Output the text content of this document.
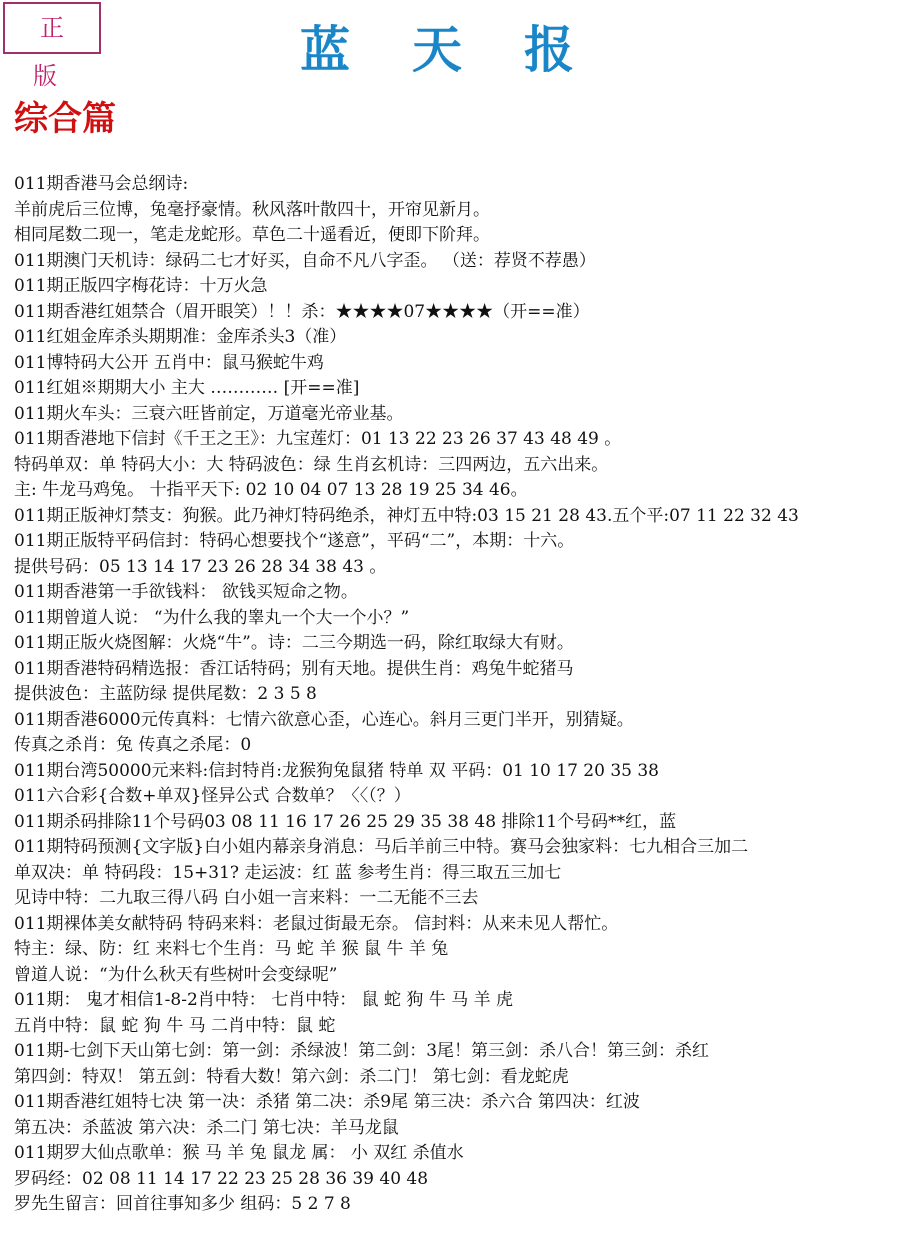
正 版	蓝天报
综合篇
011期香港马会总纲诗:
羊前虎后三位博，兔毫抒豪情。秋风落叶散四十，开帘见新月。
相同尾数二现一，笔走龙蛇形。草色二十遥看近，便即下阶拜。
011期澳门天机诗：绿码二七才好买，自命不凡八字歪。 （送：荐贤不荐愚）
011期正版四字梅花诗：十万火急
011期香港红姐禁合（眉开眼笑）！！杀：★★★★07★★★★（开==准）
011红姐金库杀头期期准：金库杀头3（准）
011博特码大公开 五肖中：鼠马猴蛇牛鸡
011红姐※期期大小 主大 ………… [开==准]
011期火车头：三衰六旺皆前定，万道毫光帝业基。
011期香港地下信封《千王之王》：九宝莲灯：01 13 22 23 26 37 43 48 49 。
特码单双：单 特码大小：大 特码波色：绿 生肖玄机诗：三四两边，五六出来。
主: 牛龙马鸡兔。 十指平天下: 02 10 04 07 13 28 19 25 34 46。
011期正版神灯禁支：狗猴。此乃神灯特码绝杀，神灯五中特:03 15 21 28 43.五个平:07 11 22 32 43
011期正版特平码信封：特码心想要找个“遂意”，平码“二”，本期：十六。
提供号码：05 13 14 17 23 26 28 34 38 43 。
011期香港第一手欲钱料： 欲钱买短命之物。
011期曾道人说： “为什么我的睾丸一个大一个小？”
011期正版火烧图解：火烧“牛”。诗：二三今期选一码，除红取绿大有财。
011期香港特码精选报：香江话特码；别有天地。提供生肖：鸡兔牛蛇猪马
提供波色：主蓝防绿 提供尾数：2 3 5 8
011期香港6000元传真料：七情六欲意心歪，心连心。斜月三更门半开，别猜疑。
传真之杀肖：兔 传真之杀尾：0
011期台湾50000元来料:信封特肖:龙猴狗兔鼠猪 特单 双 平码：01 10 17 20 35 38
011六合彩{合数+单双}怪异公式 合数单？〈〈（？）
011期杀码排除11个号码03 08 11 16 17 26 25 29 35 38 48 排除11个号码**红，蓝
011期特码预测{文字版}白小姐内幕亲身消息：马后羊前三中特。赛马会独家料：七九相合三加二
单双决：单 特码段：15+31? 走运波：红 蓝 参考生肖：得三取五三加七
见诗中特：二九取三得八码 白小姐一言来料：一二无能不三去
011期裸体美女献特码 特码来料：老鼠过街最无奈。 信封料：从来未见人帮忙。
特主：绿、防：红 来料七个生肖：马 蛇 羊 猴 鼠 牛 羊 兔
曾道人说：“为什么秋天有些树叶会变绿呢”
011期： 鬼才相信1-8-2肖中特： 七肖中特： 鼠 蛇 狗 牛 马 羊 虎
五肖中特：鼠 蛇 狗 牛 马 二肖中特：鼠 蛇
011期-七剑下天山第七剑：第一剑：杀绿波！第二剑：3尾！第三剑：杀八合！第三剑：杀红
第四剑：特双！ 第五剑：特看大数！第六剑：杀二门！ 第七剑：看龙蛇虎
011期香港红姐特七决 第一决：杀猪 第二决：杀9尾 第三决：杀六合 第四决：红波
第五决：杀蓝波 第六决：杀二门 第七决：羊马龙鼠
011期罗大仙点歌单：猴 马 羊 兔 鼠龙 属： 小 双红 杀值水
罗码经：02 08 11 14 17 22 23 25 28 36 39 40 48
罗先生留言：回首往事知多少 组码：5 2 7 8
